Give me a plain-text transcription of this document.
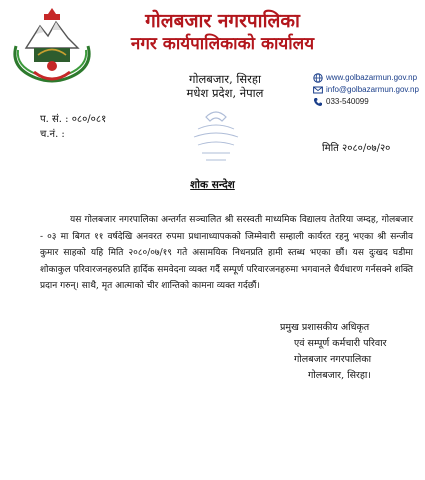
गोलबजार नगरपालिका
नगर कार्यपालिकाको कार्यालय
गोलबजार, सिरहा
मधेश प्रदेश, नेपाल
www.golbazarmun.gov.np
info@golbazarmun.gov.np
033-540099
प. सं. : ०८०/०८१
च.नं. :
मिति २०८०/०७/२०
शोक सन्देश
यस गोलबजार नगरपालिका अन्तर्गत सञ्चालित श्री सरस्वती माध्यमिक विद्यालय तेतरिया जम्दह, गोलबजार - ०३ मा बिगत ११ वर्षदेखि अनवरत रुपमा प्रधानाध्यापकको जिम्मेवारी सम्हाली कार्यरत रहनु भएका श्री सन्जीव कुमार साहको यहि मिति २०८०/०७/१९ गते असामयिक निधनप्रति हामी स्तब्ध भएका छौं। यस दुःखद घडीमा शोकाकुल परिवारजनहरुप्रति हार्दिक समवेदना व्यक्त गर्दै सम्पूर्ण परिवारजनहरुमा भगवानले धैर्यधारण गर्नसक्ने शक्ति प्रदान गरुन्। साथै, मृत आत्माको चीर शान्तिको कामना व्यक्त गर्दछौं।
प्रमुख प्रशासकीय अधिकृत
एवं सम्पूर्ण कर्मचारी परिवार
गोलबजार नगरपालिका
गोलबजार, सिरहा।
